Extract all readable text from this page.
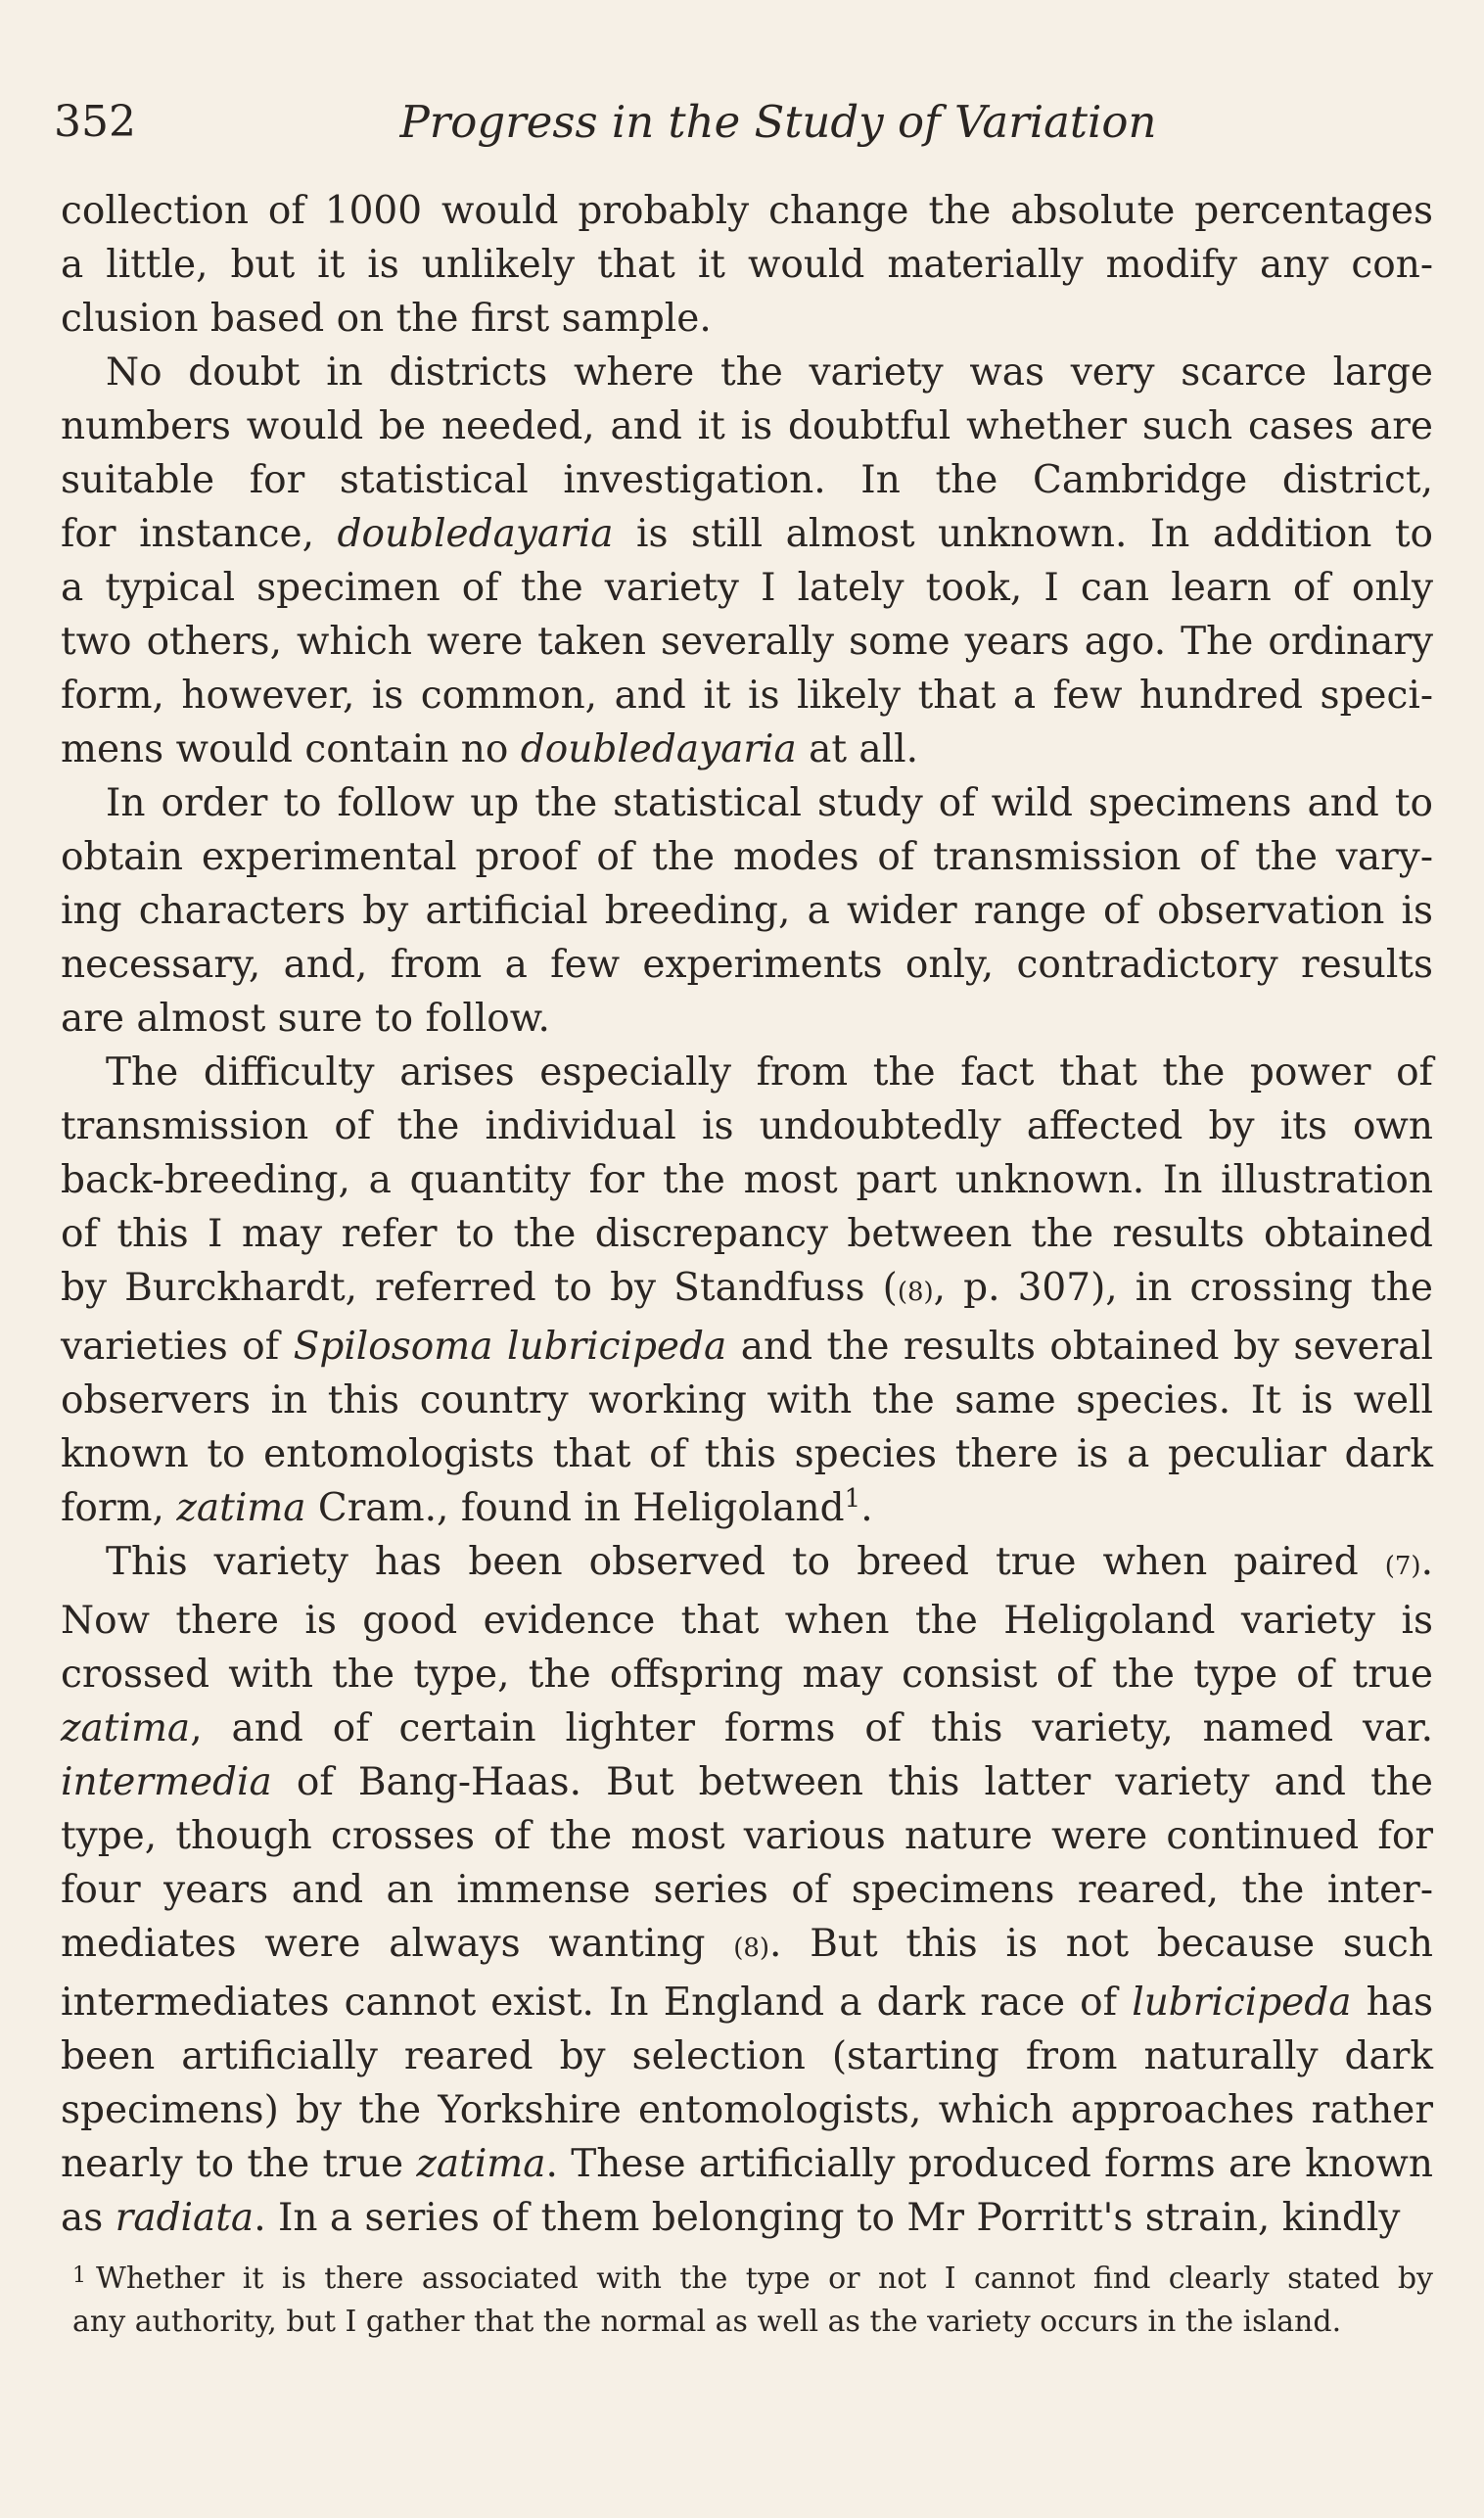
352	Progress in the Study of Variation
collection of 1000 would probably change the absolute percentages
a little, but it is unlikely that it would materially modify any con-
clusion based on the first sample.
No doubt in districts where the variety was very scarce large
numbers would be needed, and it is doubtful whether such cases are
suitable for statistical investigation. In the Cambridge district,
for instance, doubledayaria is still almost unknown. In addition to
a typical specimen of the variety I lately took, I can learn of only
two others, which were taken severally some years ago. The ordinary
form, however, is common, and it is likely that a few hundred speci-
mens would contain no doubledayaria at all.
In order to follow up the statistical study of wild specimens and to
obtain experimental proof of the modes of transmission of the vary-
ing characters by artificial breeding, a wider range of observation is
necessary, and, from a few experiments only, contradictory results
are almost sure to follow.
The difficulty arises especially from the fact that the power of
transmission of the individual is undoubtedly affected by its own
back-breeding, a quantity for the most part unknown. In illustration
of this I may refer to the discrepancy between the results obtained
by Burckhardt, referred to by Standfuss ((8), p. 307), in crossing the
varieties of Spilosoma lubricipeda and the results obtained by several
observers in this country working with the same species. It is well
known to entomologists that of this species there is a peculiar dark
form, zatima Cram., found in Heligoland$^1$.
This variety has been observed to breed true when paired (7).
Now there is good evidence that when the Heligoland variety is
crossed with the type, the offspring may consist of the type of true
zatima, and of certain lighter forms of this variety, named var.
intermedia of Bang-Haas. But between this latter variety and the
type, though crosses of the most various nature were continued for
four years and an immense series of specimens reared, the inter-
mediates were always wanting (8). But this is not because such
intermediates cannot exist. In England a dark race of lubricipeda has
been artificially reared by selection (starting from naturally dark
specimens) by the Yorkshire entomologists, which approaches rather
nearly to the true zatima. These artificially produced forms are known
as radiata. In a series of them belonging to Mr Porritt's strain, kindly
$^1$ Whether it is there associated with the type or not I cannot find clearly stated by
any authority, but I gather that the normal as well as the variety occurs in the island.
